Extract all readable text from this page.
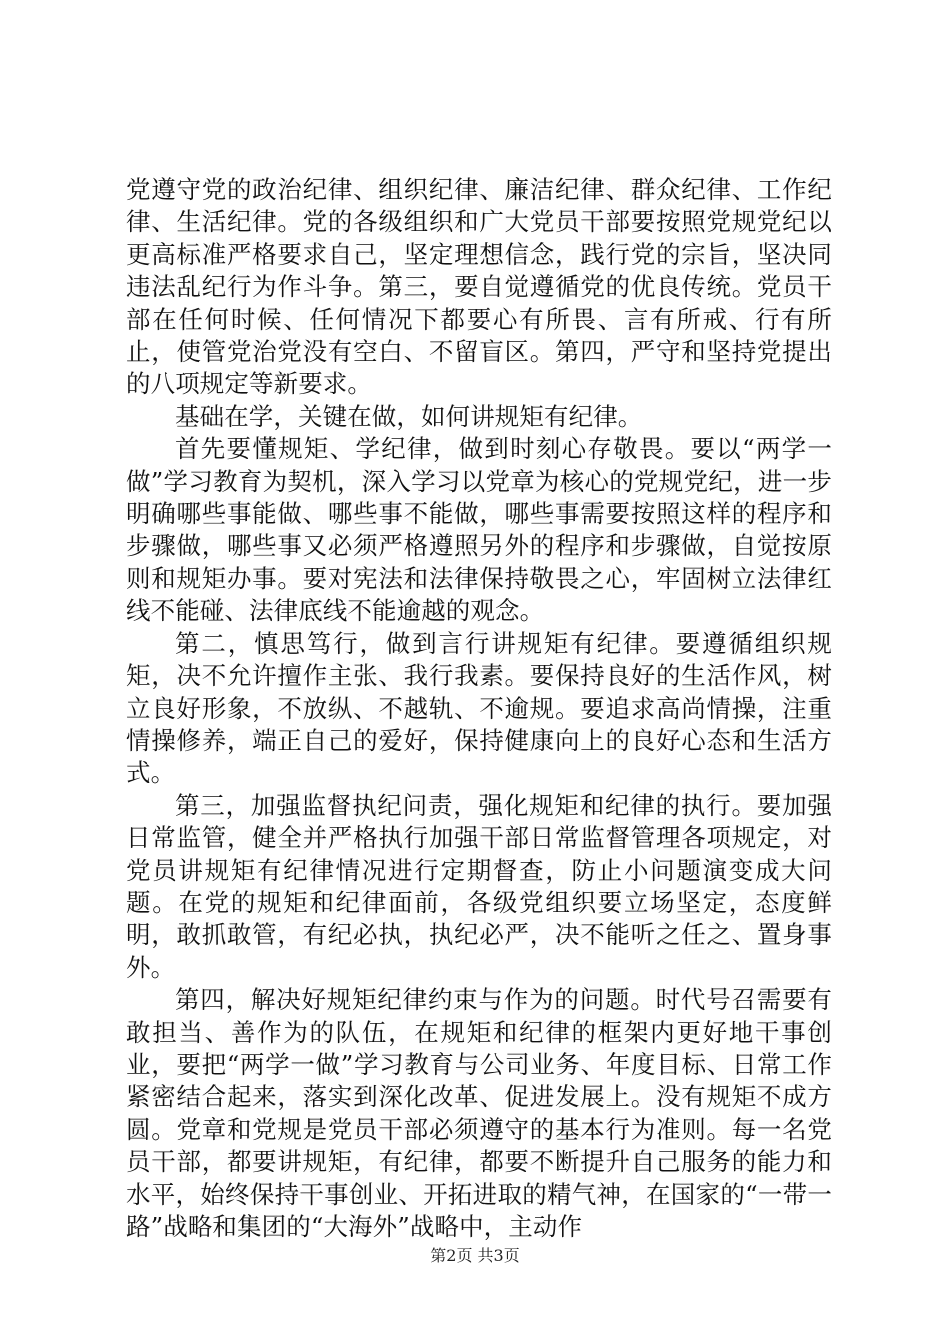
党遵守党的政治纪律、组织纪律、廉洁纪律、群众纪律、工作纪律、生活纪律。党的各级组织和广大党员干部要按照党规党纪以更高标准严格要求自己，坚定理想信念，践行党的宗旨，坚决同违法乱纪行为作斗争。第三，要自觉遵循党的优良传统。党员干部在任何时候、任何情况下都要心有所畏、言有所戒、行有所止，使管党治党没有空白、不留盲区。第四，严守和坚持党提出的八项规定等新要求。

基础在学，关键在做，如何讲规矩有纪律。

首先要懂规矩、学纪律，做到时刻心存敬畏。要以“两学一做”学习教育为契机，深入学习以党章为核心的党规党纪，进一步明确哪些事能做、哪些事不能做，哪些事需要按照这样的程序和步骤做，哪些事又必须严格遵照另外的程序和步骤做，自觉按原则和规矩办事。要对宪法和法律保持敬畏之心，牢固树立法律红线不能碰、法律底线不能逾越的观念。

第二，慎思笃行，做到言行讲规矩有纪律。要遵循组织规矩，决不允许擅作主张、我行我素。要保持良好的生活作风，树立良好形象，不放纵、不越轨、不逾规。要追求高尚情操，注重情操修养，端正自己的爱好，保持健康向上的良好心态和生活方式。

第三，加强监督执纪问责，强化规矩和纪律的执行。要加强日常监管，健全并严格执行加强干部日常监督管理各项规定，对党员讲规矩有纪律情况进行定期督查，防止小问题演变成大问题。在党的规矩和纪律面前，各级党组织要立场坚定，态度鲜明，敢抓敢管，有纪必执，执纪必严，决不能听之任之、置身事外。

第四，解决好规矩纪律约束与作为的问题。时代号召需要有敢担当、善作为的队伍，在规矩和纪律的框架内更好地干事创业，要把“两学一做”学习教育与公司业务、年度目标、日常工作紧密结合起来，落实到深化改革、促进发展上。没有规矩不成方圆。党章和党规是党员干部必须遵守的基本行为准则。每一名党员干部，都要讲规矩，有纪律，都要不断提升自己服务的能力和水平，始终保持干事创业、开拓进取的精气神，在国家的“一带一路”战略和集团的“大海外”战略中，主动作

第2页 共3页
